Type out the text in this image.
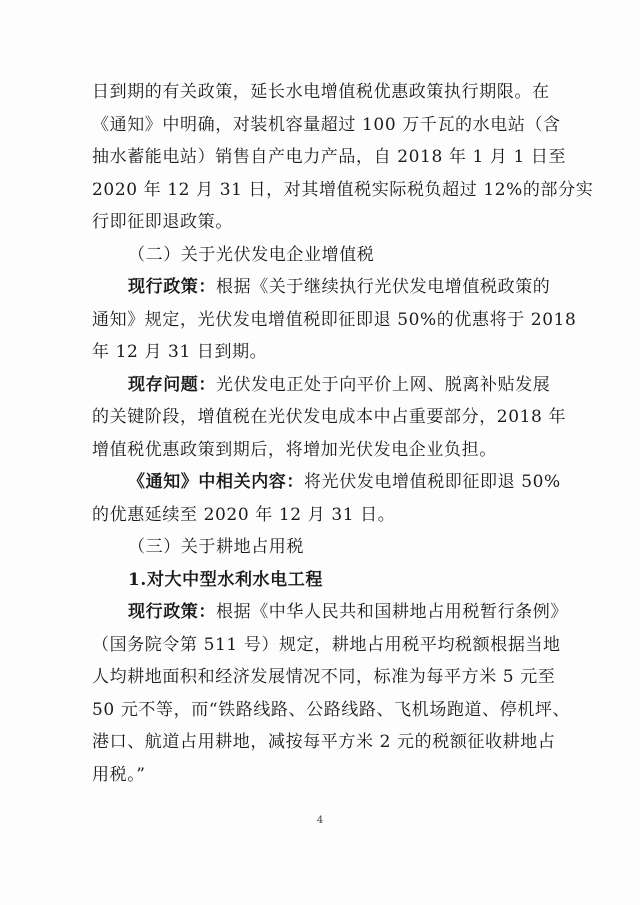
日到期的有关政策，延长水电增值税优惠政策执行期限。在
《通知》中明确，对装机容量超过 100 万千瓦的水电站（含
抽水蓄能电站）销售自产电力产品，自 2018 年 1 月 1 日至
2020 年 12 月 31 日，对其增值税实际税负超过 12%的部分实
行即征即退政策。
（二）关于光伏发电企业增值税
现行政策：根据《关于继续执行光伏发电增值税政策的
通知》规定，光伏发电增值税即征即退 50%的优惠将于 2018
年 12 月 31 日到期。
现存问题：光伏发电正处于向平价上网、脱离补贴发展
的关键阶段，增值税在光伏发电成本中占重要部分，2018 年
增值税优惠政策到期后，将增加光伏发电企业负担。
《通知》中相关内容：将光伏发电增值税即征即退 50%
的优惠延续至 2020 年 12 月 31 日。
（三）关于耕地占用税
1.对大中型水利水电工程
现行政策：根据《中华人民共和国耕地占用税暂行条例》
（国务院令第 511 号）规定，耕地占用税平均税额根据当地
人均耕地面积和经济发展情况不同，标准为每平方米 5 元至
50 元不等，而“铁路线路、公路线路、飞机场跑道、停机坪、
港口、航道占用耕地，减按每平方米 2 元的税额征收耕地占
用税。”
4
